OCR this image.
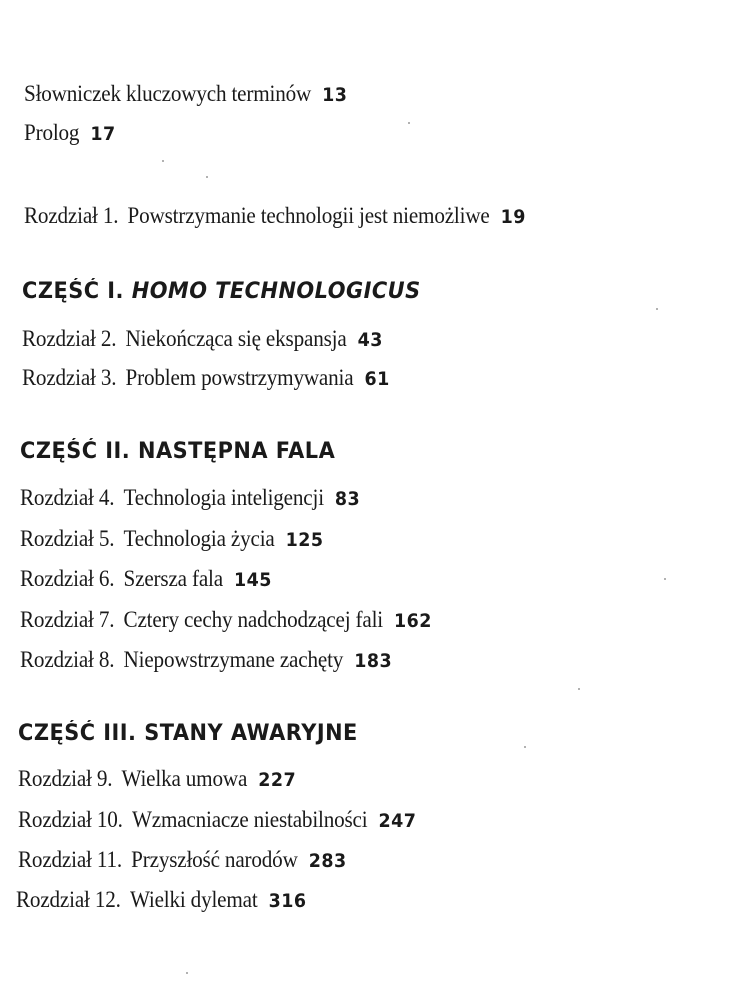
Słowniczek kluczowych terminów 13
Prolog 17
Rozdział 1. Powstrzymanie technologii jest niemożliwe 19
CZĘŚĆ I. HOMO TECHNOLOGICUS
Rozdział 2. Niekończąca się ekspansja 43
Rozdział 3. Problem powstrzymywania 61
CZĘŚĆ II. NASTĘPNA FALA
Rozdział 4. Technologia inteligencji 83
Rozdział 5. Technologia życia 125
Rozdział 6. Szersza fala 145
Rozdział 7. Cztery cechy nadchodzącej fali 162
Rozdział 8. Niepowstrzymane zachęty 183
CZĘŚĆ III. STANY AWARYJNE
Rozdział 9. Wielka umowa 227
Rozdział 10. Wzmacniacze niestabilności 247
Rozdział 11. Przyszłość narodów 283
Rozdział 12. Wielki dylemat 316
